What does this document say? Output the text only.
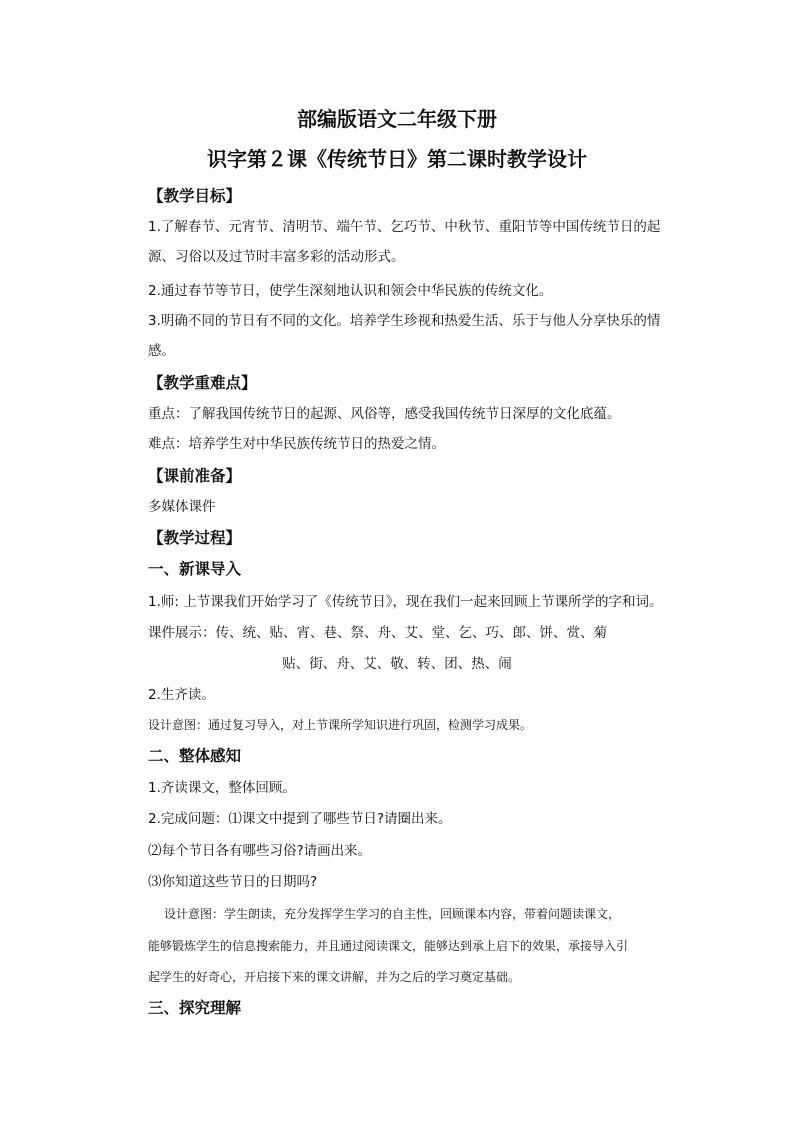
部编版语文二年级下册
识字第２课《传统节日》第二课时教学设计
【教学目标】

1.了解春节、元宵节、清明节、端午节、乞巧节、中秋节、重阳节等中国传统节日的起

源、习俗以及过节时丰富多彩的活动形式。

2.通过春节等节日，使学生深刻地认识和领会中华民族的传统文化。

3.明确不同的节日有不同的文化。培养学生珍视和热爱生活、乐于与他人分享快乐的情

感。

【教学重难点】

重点：了解我国传统节日的起源、风俗等，感受我国传统节日深厚的文化底蕴。

难点：培养学生对中华民族传统节日的热爱之情。

【课前准备】

多媒体课件

【教学过程】
一、新课导入

1.师: 上节课我们开始学习了《传统节日》，现在我们一起来回顾上节课所学的字和词。

课件展示：传、统、贴、宵、巷、祭、舟、艾、堂、乞、巧、郎、饼、赏、菊

贴、街、舟、艾、敬、转、团、热、闹

2.生齐读。

设计意图：通过复习导入，对上节课所学知识进行巩固，检测学习成果。

二、整体感知

1.齐读课文，整体回顾。

2.完成问题：⑴课文中提到了哪些节日?请圈出来。

⑵每个节日各有哪些习俗?请画出来。

⑶你知道这些节日的日期吗?

设计意图：学生朗读，充分发挥学生学习的自主性，回顾课本内容，带着问题读课文，

能够锻炼学生的信息搜索能力，并且通过阅读课文，能够达到承上启下的效果，承接导入引

起学生的好奇心，开启接下来的课文讲解，并为之后的学习奠定基础。

三、探究理解
